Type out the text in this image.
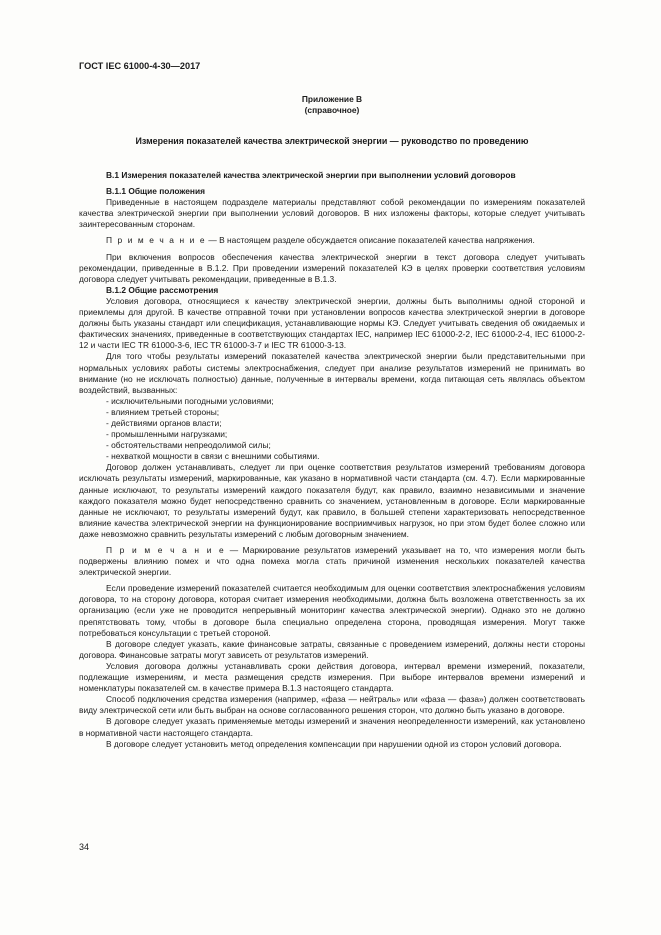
ГОСТ IEC 61000-4-30—2017
Приложение В
(справочное)
Измерения показателей качества электрической энергии — руководство по проведению
В.1 Измерения показателей качества электрической энергии при выполнении условий договоров
В.1.1 Общие положения

Приведенные в настоящем подразделе материалы представляют собой рекомендации по измерениям показателей качества электрической энергии при выполнении условий договоров. В них изложены факторы, которые следует учитывать заинтересованным сторонам.

П р и м е ч а н и е — В настоящем разделе обсуждается описание показателей качества напряжения.

При включения вопросов обеспечения качества электрической энергии в текст договора следует учитывать рекомендации, приведенные в В.1.2. При проведении измерений показателей КЭ в целях проверки соответствия условиям договора следует учитывать рекомендации, приведенные в В.1.3.

В.1.2 Общие рассмотрения

Условия договора, относящиеся к качеству электрической энергии, должны быть выполнимы одной стороной и приемлемы для другой. В качестве отправной точки при установлении вопросов качества электрической энергии в договоре должны быть указаны стандарт или спецификация, устанавливающие нормы КЭ. Следует учитывать сведения об ожидаемых и фактических значениях, приведенные в соответствующих стандартах IEC, например IEC 61000-2-2, IEC 61000-2-4, IEC 61000-2-12 и части IEC TR 61000-3-6, IEC TR 61000-3-7 и IEC TR 61000-3-13.

Для того чтобы результаты измерений показателей качества электрической энергии были представительными при нормальных условиях работы системы электроснабжения, следует при анализе результатов измерений не принимать во внимание (но не исключать полностью) данные, полученные в интервалы времени, когда питающая сеть являлась объектом воздействий, вызванных:

- исключительными погодными условиями;
- влиянием третьей стороны;
- действиями органов власти;
- промышленными нагрузками;
- обстоятельствами непреодолимой силы;
- нехваткой мощности в связи с внешними событиями.

Договор должен устанавливать, следует ли при оценке соответствия результатов измерений требованиям договора исключать результаты измерений, маркированные, как указано в нормативной части стандарта (см. 4.7). Если маркированные данные исключают, то результаты измерений каждого показателя будут, как правило, взаимно независимыми и значение каждого показателя можно будет непосредственно сравнить со значением, установленным в договоре. Если маркированные данные не исключают, то результаты измерений будут, как правило, в большей степени характеризовать непосредственное влияние качества электрической энергии на функционирование восприимчивых нагрузок, но при этом будет более сложно или даже невозможно сравнить результаты измерений с любым договорным значением.

П р и м е ч а н и е — Маркирование результатов измерений указывает на то, что измерения могли быть подвержены влиянию помех и что одна помеха могла стать причиной изменения нескольких показателей качества электрической энергии.

Если проведение измерений показателей считается необходимым для оценки соответствия электроснабжения условиям договора, то на сторону договора, которая считает измерения необходимыми, должна быть возложена ответственность за их организацию (если уже не проводится непрерывный мониторинг качества электрической энергии). Однако это не должно препятствовать тому, чтобы в договоре была специально определена сторона, проводящая измерения. Могут также потребоваться консультации с третьей стороной.

В договоре следует указать, какие финансовые затраты, связанные с проведением измерений, должны нести стороны договора. Финансовые затраты могут зависеть от результатов измерений.

Условия договора должны устанавливать сроки действия договора, интервал времени измерений, показатели, подлежащие измерениям, и места размещения средств измерения. При выборе интервалов времени измерений и номенклатуры показателей см. в качестве примера В.1.3 настоящего стандарта.

Способ подключения средства измерения (например, «фаза — нейтраль» или «фаза — фаза») должен соответствовать виду электрической сети или быть выбран на основе согласованного решения сторон, что должно быть указано в договоре.

В договоре следует указать применяемые методы измерений и значения неопределенности измерений, как установлено в нормативной части настоящего стандарта.

В договоре следует установить метод определения компенсации при нарушении одной из сторон условий договора.

34
